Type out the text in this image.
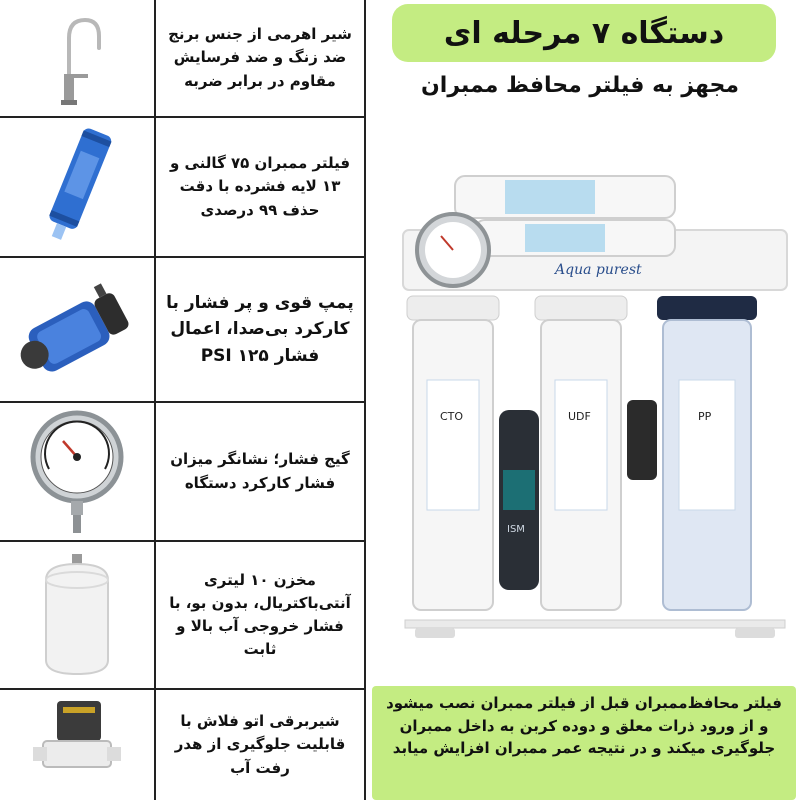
شیر اهرمی از جنس برنج ضد زنگ و ضد فرسایش مقاوم در برابر ضربه
فیلتر ممبران ۷۵ گالنی و ۱۳ لایه فشرده با دقت حذف ۹۹ درصدی
پمپ قوی و پر فشار با کارکرد بی‌صدا، اعمال فشار ۱۲۵ PSI
گیج فشار؛ نشانگر میزان فشار کارکرد دستگاه
مخزن ۱۰ لیتری آنتی‌باکتریال، بدون بو، با فشار خروجی آب بالا و ثابت
شیربرقی اتو فلاش با قابلیت جلوگیری از هدر رفت آب
دستگاه ۷ مرحله ای
مجهز به فیلتر محافظ ممبران
Aqua purest
CTO	UDF	PP
ISM
فیلتر محافظ‌ممبران قبل از فیلتر ممبران نصب میشود و از ورود ذرات معلق و دوده کربن به داخل ممبران جلوگیری میکند و در نتیجه عمر ممبران افزایش میابد
